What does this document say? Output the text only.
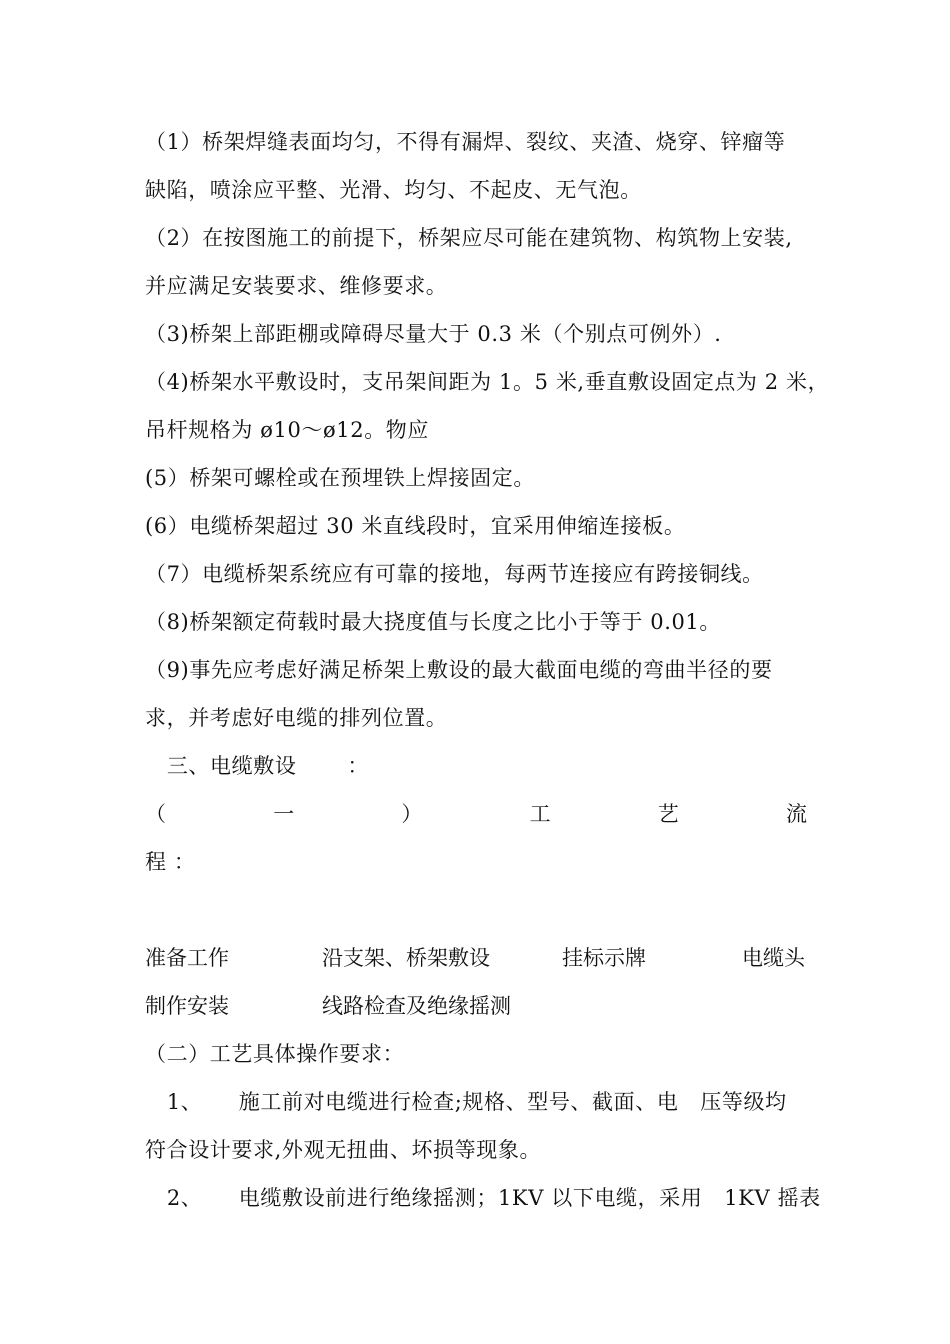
（1）桥架焊缝表面均匀，不得有漏焊、裂纹、夹渣、烧穿、锌瘤等
缺陷，喷涂应平整、光滑、均匀、不起皮、无气泡。
（2）在按图施工的前提下，桥架应尽可能在建筑物、构筑物上安装,
并应满足安装要求、维修要求。
（3)桥架上部距棚或障碍尽量大于 0.3 米（个别点可例外）.
（4)桥架水平敷设时，支吊架间距为 1。5 米,垂直敷设固定点为 2 米，
吊杆规格为 ø10～ø12。物应
(5）桥架可螺栓或在预埋铁上焊接固定。
(6）电缆桥架超过 30 米直线段时，宜采用伸缩连接板。
（7）电缆桥架系统应有可靠的接地，每两节连接应有跨接铜线。
（8)桥架额定荷载时最大挠度值与长度之比小于等于 0.01。
（9)事先应考虑好满足桥架上敷设的最大截面电缆的弯曲半径的要
求，并考虑好电缆的排列位置。
三、电缆敷设       ：
（	一	）	工	艺	流
程 ：
准备工作	沿支架、桥架敷设	挂标示牌	电缆头
制作安装	线路检查及绝缘摇测
（二）工艺具体操作要求：
1、     施工前对电缆进行检查;规格、型号、截面、电   压等级均
符合设计要求,外观无扭曲、坏损等现象。
2、     电缆敷设前进行绝缘摇测；1KV 以下电缆，采用   1KV 摇表
